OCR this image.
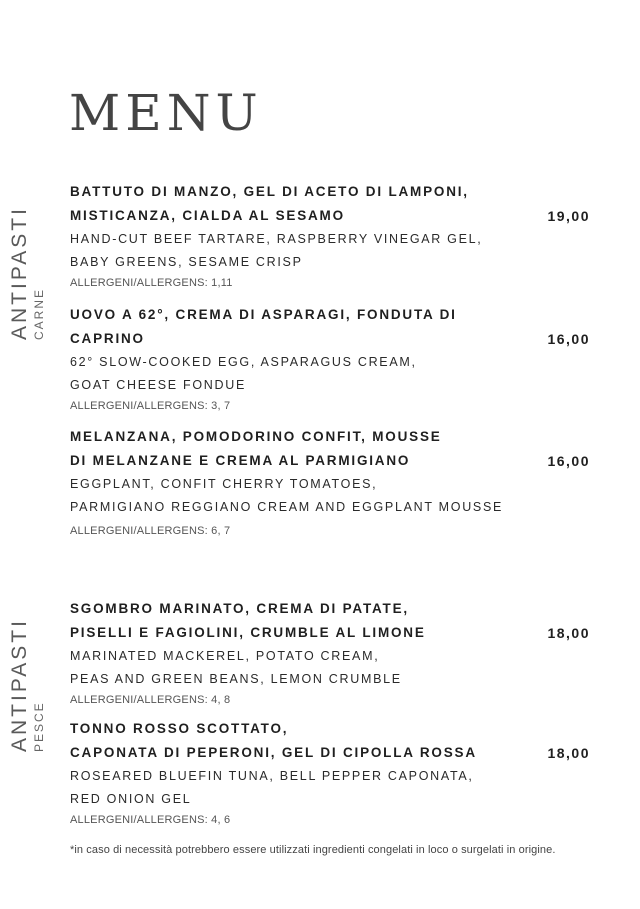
MENU
ANTIPASTI CARNE
ANTIPASTI PESCE
BATTUTO DI MANZO, GEL DI ACETO DI LAMPONI,
MISTICANZA, CIALDA AL SESAMO	19,00
HAND-CUT BEEF TARTARE, RASPBERRY VINEGAR GEL,
BABY GREENS, SESAME CRISP
ALLERGENI/ALLERGENS: 1,11
UOVO A 62°, CREMA DI ASPARAGI, FONDUTA DI
CAPRINO	16,00
62° SLOW-COOKED EGG, ASPARAGUS CREAM,
GOAT CHEESE FONDUE
ALLERGENI/ALLERGENS: 3, 7
MELANZANA, POMODORINO CONFIT, MOUSSE
DI MELANZANE E CREMA AL PARMIGIANO	16,00
EGGPLANT, CONFIT CHERRY TOMATOES,
PARMIGIANO REGGIANO CREAM AND EGGPLANT MOUSSE
ALLERGENI/ALLERGENS: 6, 7
SGOMBRO MARINATO, CREMA DI PATATE,
PISELLI E FAGIOLINI, CRUMBLE AL LIMONE	18,00
MARINATED MACKEREL, POTATO CREAM,
PEAS AND GREEN BEANS, LEMON CRUMBLE
ALLERGENI/ALLERGENS: 4, 8
TONNO ROSSO SCOTTATO,
CAPONATA DI PEPERONI, GEL DI CIPOLLA ROSSA	18,00
ROSEARED BLUEFIN TUNA, BELL PEPPER CAPONATA,
RED ONION GEL
ALLERGENI/ALLERGENS: 4, 6
*in caso di necessità potrebbero essere utilizzati ingredienti congelati in loco o surgelati in origine.
